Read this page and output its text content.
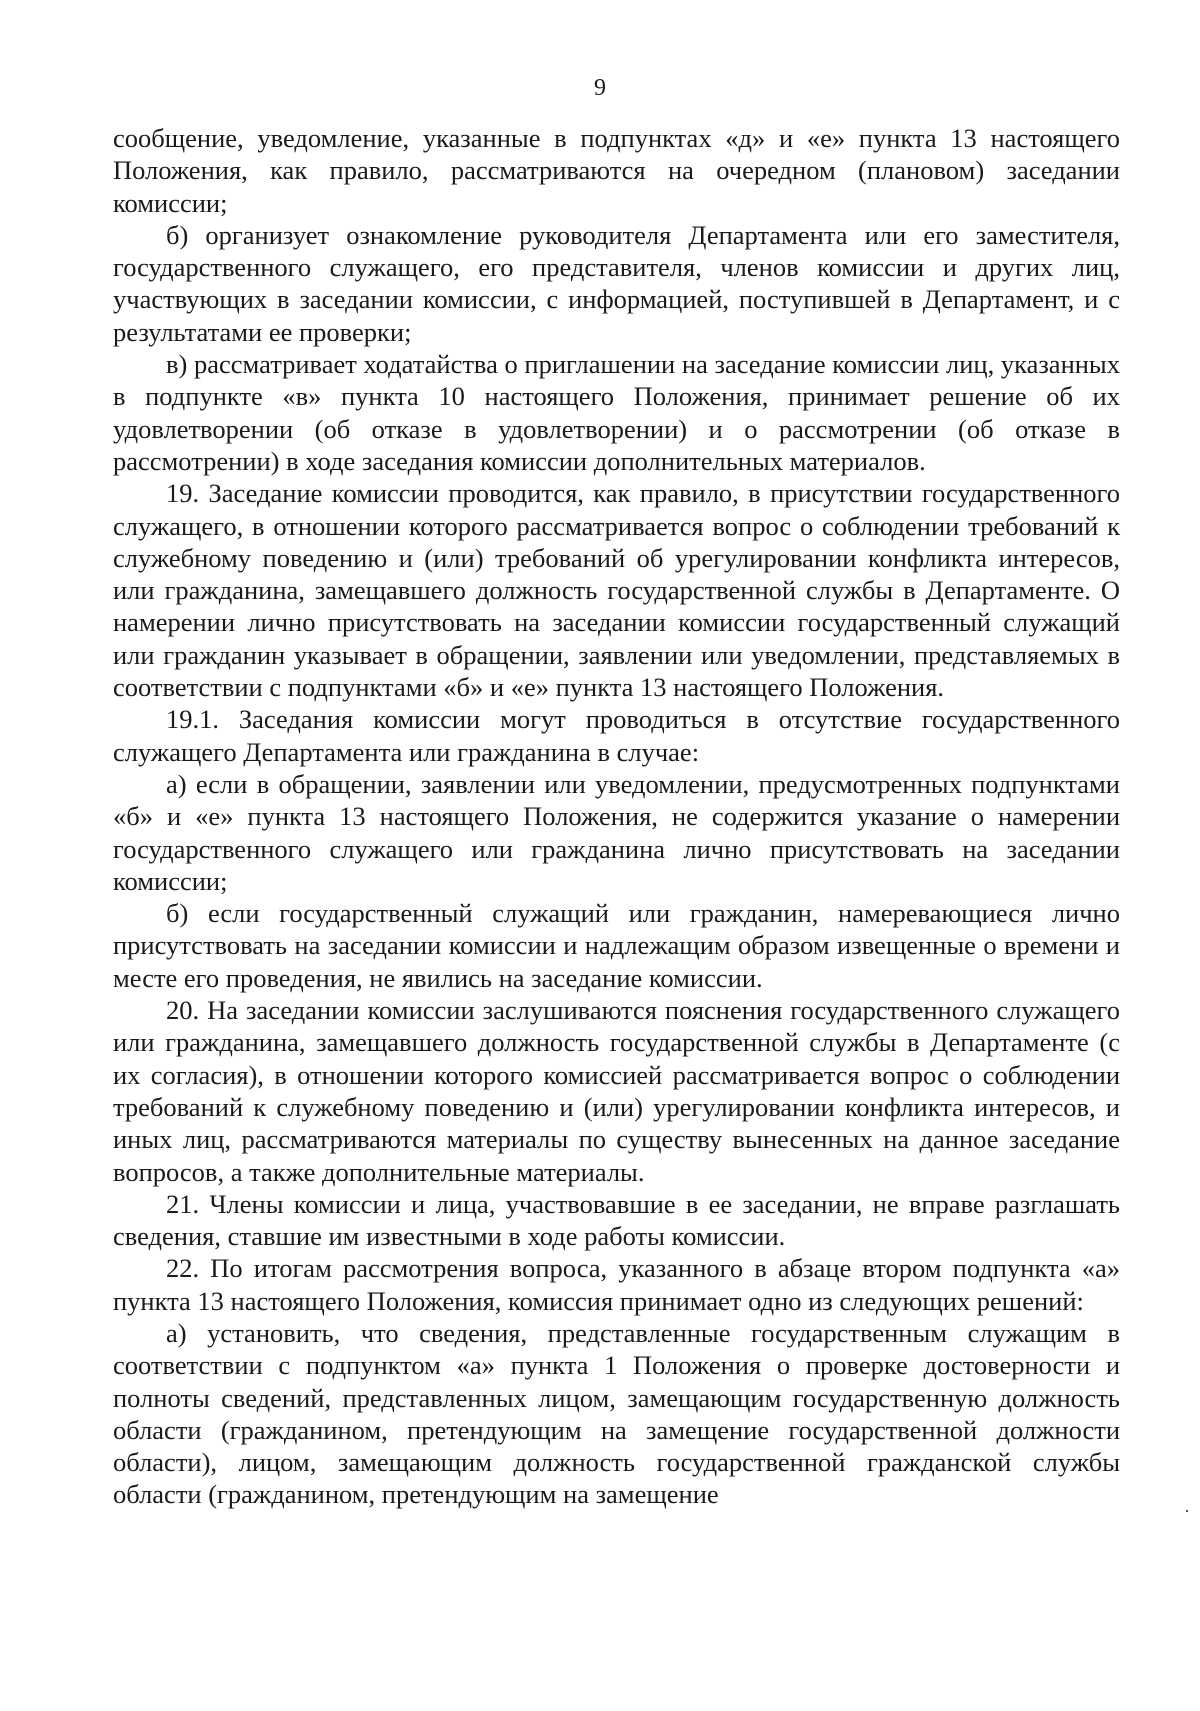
9

сообщение, уведомление, указанные в подпунктах «д» и «е» пункта 13 настоящего Положения, как правило, рассматриваются на очередном (плановом) заседании комиссии;

б) организует ознакомление руководителя Департамента или его заместителя, государственного служащего, его представителя, членов комиссии и других лиц, участвующих в заседании комиссии, с информацией, поступившей в Департамент, и с результатами ее проверки;

в) рассматривает ходатайства о приглашении на заседание комиссии лиц, указанных в подпункте «в» пункта 10 настоящего Положения, принимает решение об их удовлетворении (об отказе в удовлетворении) и о рассмотрении (об отказе в рассмотрении) в ходе заседания комиссии дополнительных материалов.

19. Заседание комиссии проводится, как правило, в присутствии государственного служащего, в отношении которого рассматривается вопрос о соблюдении требований к служебному поведению и (или) требований об урегулировании конфликта интересов, или гражданина, замещавшего должность государственной службы в Департаменте. О намерении лично присутствовать на заседании комиссии государственный служащий или гражданин указывает в обращении, заявлении или уведомлении, представляемых в соответствии с подпунктами «б» и «е» пункта 13 настоящего Положения.

19.1. Заседания комиссии могут проводиться в отсутствие государственного служащего Департамента или гражданина в случае:

а) если в обращении, заявлении или уведомлении, предусмотренных подпунктами «б» и «е» пункта 13 настоящего Положения, не содержится указание о намерении государственного служащего или гражданина лично присутствовать на заседании комиссии;

б) если государственный служащий или гражданин, намеревающиеся лично присутствовать на заседании комиссии и надлежащим образом извещенные о времени и месте его проведения, не явились на заседание комиссии.

20. На заседании комиссии заслушиваются пояснения государственного служащего или гражданина, замещавшего должность государственной службы в Департаменте (с их согласия), в отношении которого комиссией рассматривается вопрос о соблюдении требований к служебному поведению и (или) урегулировании конфликта интересов, и иных лиц, рассматриваются материалы по существу вынесенных на данное заседание вопросов, а также дополнительные материалы.

21. Члены комиссии и лица, участвовавшие в ее заседании, не вправе разглашать сведения, ставшие им известными в ходе работы комиссии.

22. По итогам рассмотрения вопроса, указанного в абзаце втором подпункта «а» пункта 13 настоящего Положения, комиссия принимает одно из следующих решений:

а) установить, что сведения, представленные государственным служащим в соответствии с подпунктом «а» пункта 1 Положения о проверке достоверности и полноты сведений, представленных лицом, замещающим государственную должность области (гражданином, претендующим на замещение государственной должности области), лицом, замещающим должность государственной гражданской службы области (гражданином, претендующим на замещение
